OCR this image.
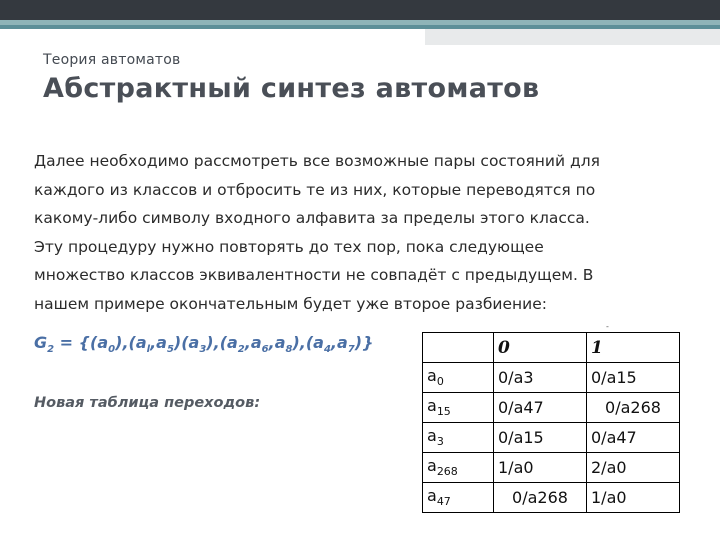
Теория автоматов
Абстрактный синтез автоматов
Далее необходимо рассмотреть все возможные пары состояний для
каждого из классов и отбросить те из них, которые переводятся по
какому-либо символу входного алфавита за пределы этого класса.
Эту процедуру нужно повторять до тех пор, пока следующее
множество классов эквивалентности не совпадёт с предыдущем. В
нашем примере окончательным будет уже второе разбиение:
$G_2 = \{(a_0),(a_l,a_5)(a_3),(a_2,a_6,a_8),(a_4,a_7)\}$
Новая таблица переходов:
-
	0	1
$a_0$	0/a3	0/a15
$a_{15}$	0/a47	0/a268
$a_3$	0/a15	0/a47
$a_{268}$	1/a0	2/a0
$a_{47}$	0/a268	1/a0
